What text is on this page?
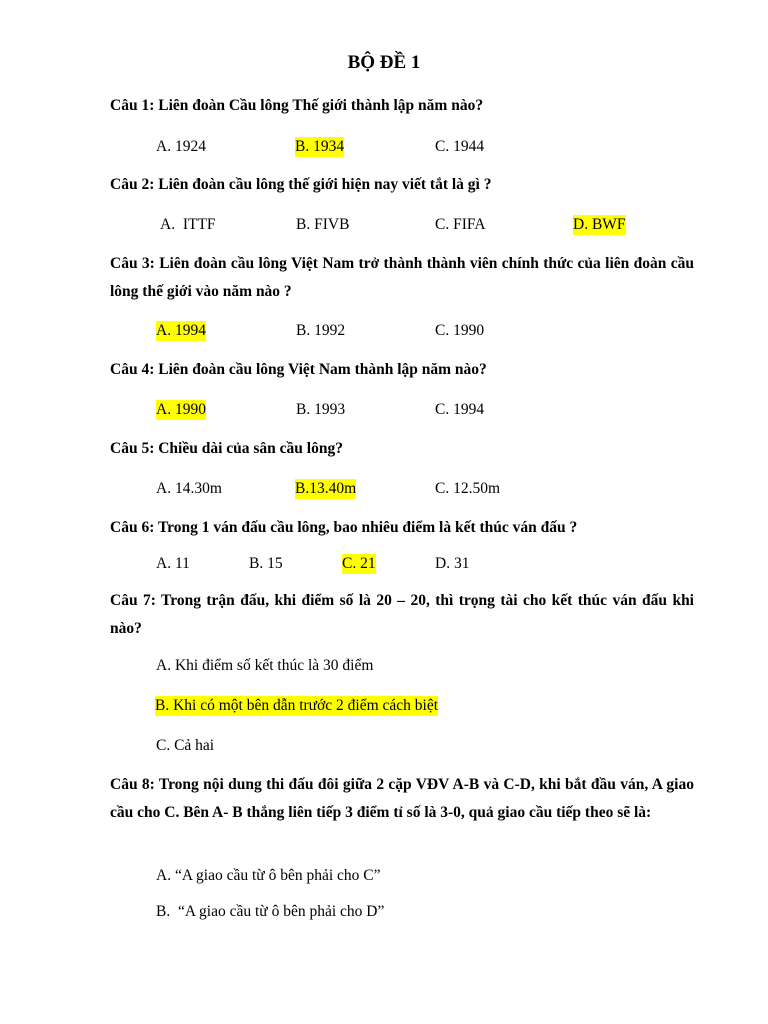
BỘ ĐỀ 1
Câu 1: Liên đoàn Cầu lông Thế giới thành lập năm nào?
A. 1924	B. 1934	C. 1944
Câu 2: Liên đoàn cầu lông thế giới hiện nay viết tắt là gì ?
A.  ITTF	B. FIVB	C. FIFA	D. BWF
Câu 3: Liên đoàn cầu lông Việt Nam trở thành thành viên chính thức của liên đoàn cầu lông thế giới vào năm nào ?
A. 1994	B. 1992	C. 1990
Câu 4: Liên đoàn cầu lông Việt Nam thành lập năm nào?
A. 1990	B. 1993	C. 1994
Câu 5: Chiều dài của sân cầu lông?
A. 14.30m	B.13.40m	C. 12.50m
Câu 6: Trong 1 ván đấu cầu lông, bao nhiêu điểm là kết thúc ván đấu ?
A. 11	B. 15	C. 21	D. 31
Câu 7: Trong trận đấu, khi điểm số là 20 – 20, thì trọng tài cho kết thúc ván đấu khi nào?
A. Khi điểm số kết thúc là 30 điểm
B. Khi có một bên dẫn trước 2 điểm cách biệt
C. Cả hai
Câu 8: Trong nội dung thi đấu đôi giữa 2 cặp VĐV A-B và C-D, khi bắt đầu ván, A giao cầu cho C. Bên A- B thắng liên tiếp 3 điểm tỉ số là 3-0, quả giao cầu tiếp theo sẽ là:
A. “A giao cầu từ ô bên phải cho C”
B.  “A giao cầu từ ô bên phải cho D”
